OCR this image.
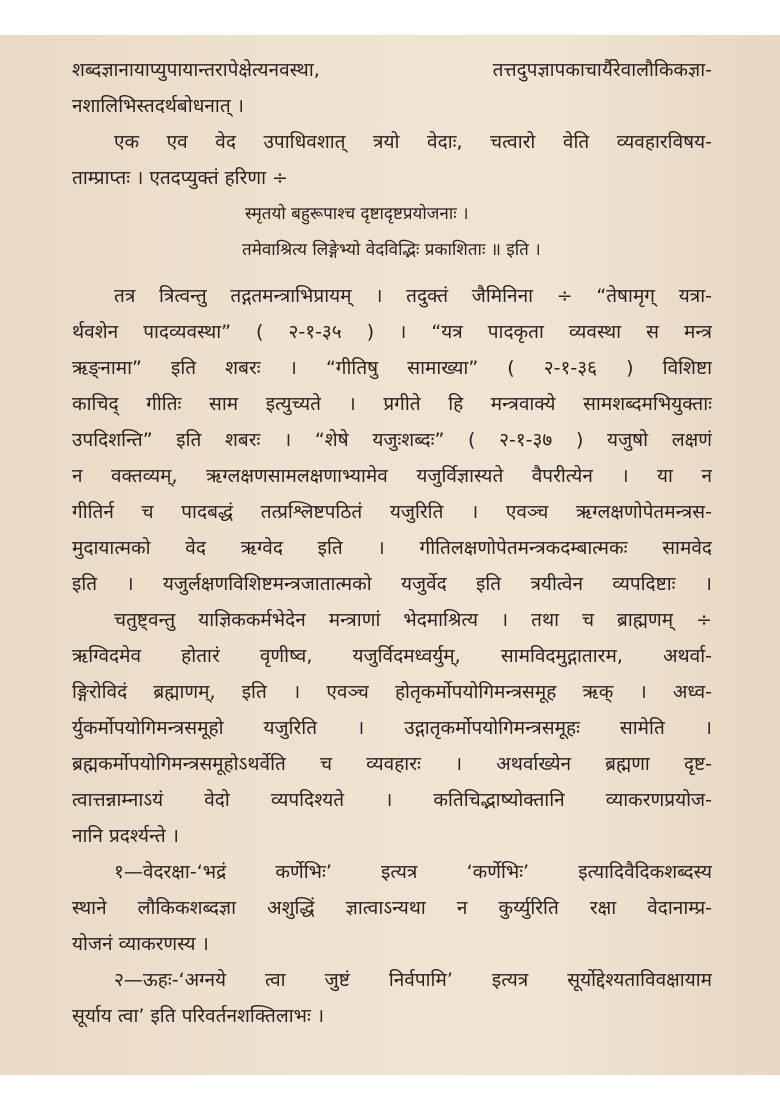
शब्दज्ञानायाप्युपायान्तरापेक्षेत्यनवस्था, तत्तदुपज्ञापकाचार्यैरेवालौकिकज्ञा-
नशालिभिस्तदर्थबोधनात् ।
एक एव वेद उपाधिवशात् त्रयो वेदाः, चत्वारो वेति व्यवहारविषय-
ताम्प्राप्तः । एतदप्युक्तं हरिणा ÷
स्मृतयो बहुरूपाश्च दृष्टादृष्टप्रयोजनाः ।
तमेवाश्रित्य लिङ्गेभ्यो वेदविद्भिः प्रकाशिताः ॥ इति ।
तत्र त्रित्वन्तु तद्गतमन्त्राभिप्रायम् । तदुक्तं जैमिनिना ÷ “तेषामृग् यत्रा-
र्थवशेन पादव्यवस्था” ( २-१-३५ ) । “यत्र पादकृता व्यवस्था स मन्त्र
ऋङ्नामा” इति शबरः । “गीतिषु सामाख्या” ( २-१-३६ ) विशिष्टा
काचिद् गीतिः साम इत्युच्यते । प्रगीते हि मन्त्रवाक्ये सामशब्दमभियुक्ताः
उपदिशन्ति” इति शबरः । “शेषे यजुःशब्दः” ( २-१-३७ ) यजुषो लक्षणं
न वक्तव्यम्, ऋग्लक्षणसामलक्षणाभ्यामेव यजुर्विज्ञास्यते वैपरीत्येन । या न
गीतिर्न च पादबद्धं तत्प्रश्लिष्टपठितं यजुरिति । एवञ्च ऋग्लक्षणोपेतमन्त्रस-
मुदायात्मको वेद ऋग्वेद इति । गीतिलक्षणोपेतमन्त्रकदम्बात्मकः सामवेद
इति । यजुर्लक्षणविशिष्टमन्त्रजातात्मको यजुर्वेद इति त्रयीत्वेन व्यपदिष्टाः ।
चतुष्ट्वन्तु याज्ञिककर्मभेदेन मन्त्राणां भेदमाश्रित्य । तथा च ब्राह्मणम् ÷
ऋग्विदमेव होतारं वृणीष्व, यजुर्विदमध्वर्युम्, सामविदमुद्गातारम, अथर्वा-
ङ्गिरोविदं ब्रह्माणम्, इति । एवञ्च होतृकर्मोपयोगिमन्त्रसमूह ऋक् । अध्व-
र्युकर्मोपयोगिमन्त्रसमूहो यजुरिति । उद्गातृकर्मोपयोगिमन्त्रसमूहः सामेति ।
ब्रह्मकर्मोपयोगिमन्त्रसमूहोऽथर्वेति च व्यवहारः । अथर्वाख्येन ब्रह्मणा दृष्ट-
त्वात्तन्नाम्नाऽयं वेदो व्यपदिश्यते । कतिचिद्भाष्योक्तानि व्याकरणप्रयोज-
नानि प्रदर्श्यन्ते ।
१—वेदरक्षा-‘भद्रं कर्णेभिः’ इत्यत्र ‘कर्णेभिः’ इत्यादिवैदिकशब्दस्य
स्थाने लौकिकशब्दज्ञा अशुद्धिं ज्ञात्वाऽन्यथा न कुर्य्युरिति रक्षा वेदानाम्प्र-
योजनं व्याकरणस्य ।
२—ऊहः-‘अग्नये त्वा जुष्टं निर्वपामि’ इत्यत्र सूर्योद्देश्यताविवक्षायाम
सूर्याय त्वा’ इति परिवर्तनशक्तिलाभः ।
